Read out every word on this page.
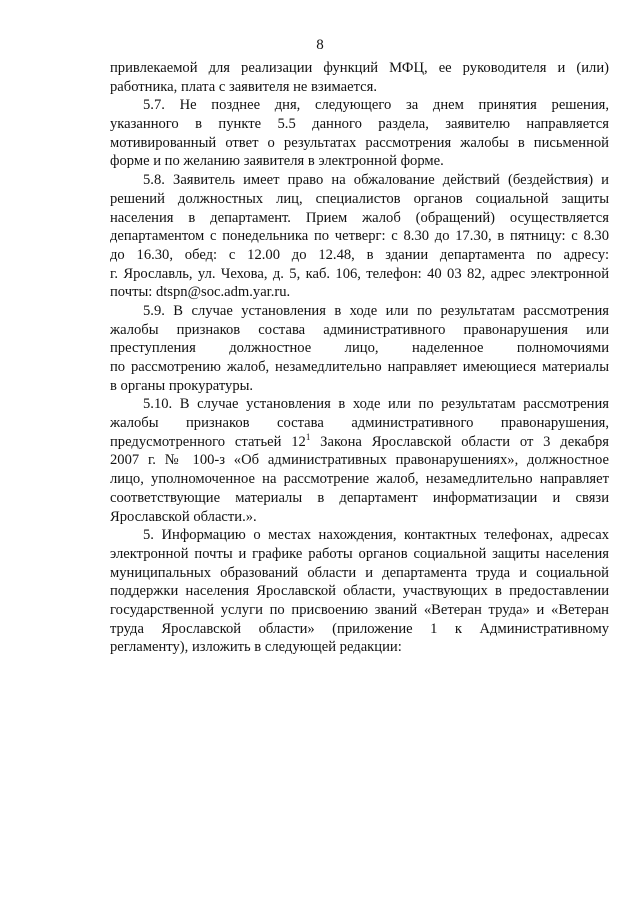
8
привлекаемой для реализации функций МФЦ, ее руководителя и (или)
работника, плата с заявителя не взимается.
5.7. Не позднее дня, следующего за днем принятия решения,
указанного в пункте 5.5 данного раздела, заявителю направляется
мотивированный ответ о результатах рассмотрения жалобы в письменной
форме и по желанию заявителя в электронной форме.
5.8. Заявитель имеет право на обжалование действий (бездействия) и
решений должностных лиц, специалистов органов социальной защиты
населения в департамент. Прием жалоб (обращений) осуществляется
департаментом с понедельника по четверг: с 8.30 до 17.30, в пятницу: с 8.30
до 16.30, обед: с 12.00 до 12.48, в здании департамента по адресу:
г. Ярославль, ул. Чехова, д. 5, каб. 106, телефон: 40 03 82, адрес электронной
почты: dtspn@soc.adm.yar.ru.
5.9. В случае установления в ходе или по результатам рассмотрения
жалобы признаков состава административного правонарушения или
преступления должностное лицо, наделенное полномочиями
по рассмотрению жалоб, незамедлительно направляет имеющиеся материалы
в органы прокуратуры.
5.10. В случае установления в ходе или по результатам рассмотрения
жалобы признаков состава административного правонарушения,
предусмотренного статьей $12^1$ Закона Ярославской области от 3 декабря
2007 г. № 100-з «Об административных правонарушениях», должностное
лицо, уполномоченное на рассмотрение жалоб, незамедлительно направляет
соответствующие материалы в департамент информатизации и связи
Ярославской области.».
5. Информацию о местах нахождения, контактных телефонах, адресах
электронной почты и графике работы органов социальной защиты населения
муниципальных образований области и департамента труда и социальной
поддержки населения Ярославской области, участвующих в предоставлении
государственной услуги по присвоению званий «Ветеран труда» и «Ветеран
труда Ярославской области» (приложение 1 к Административному
регламенту), изложить в следующей редакции:
